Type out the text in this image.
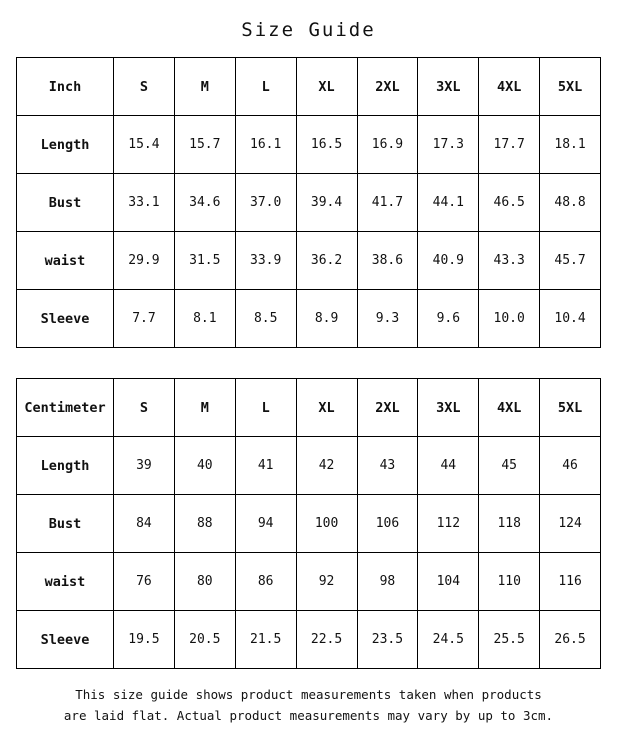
Size Guide
Inch	S	M	L	XL	2XL	3XL	4XL	5XL
Length	15.4	15.7	16.1	16.5	16.9	17.3	17.7	18.1
Bust	33.1	34.6	37.0	39.4	41.7	44.1	46.5	48.8
waist	29.9	31.5	33.9	36.2	38.6	40.9	43.3	45.7
Sleeve	7.7	8.1	8.5	8.9	9.3	9.6	10.0	10.4
Centimeter	S	M	L	XL	2XL	3XL	4XL	5XL
Length	39	40	41	42	43	44	45	46
Bust	84	88	94	100	106	112	118	124
waist	76	80	86	92	98	104	110	116
Sleeve	19.5	20.5	21.5	22.5	23.5	24.5	25.5	26.5
This size guide shows product measurements taken when products
are laid flat. Actual product measurements may vary by up to 3cm.
